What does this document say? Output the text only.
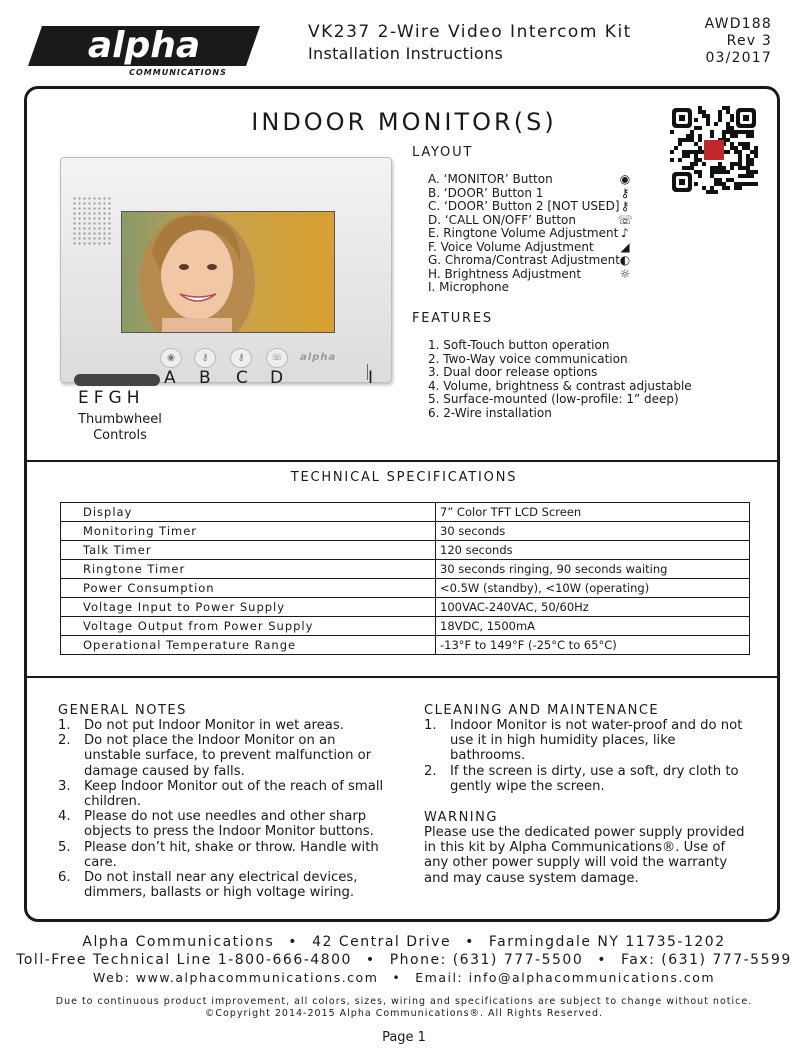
alpha
COMMUNICATIONS
VK237 2-Wire Video Intercom Kit
Installation Instructions
AWD188
Rev 3
03/2017
INDOOR MONITOR(S)
◉	⚷	⚷	☏ alpha
A B C D	I
EFGH
Thumbwheel
Controls
LAYOUT
A. ‘MONITOR’ Button
B. ‘DOOR’ Button 1
C. ‘DOOR’ Button 2 [NOT USED]
D. ‘CALL ON/OFF’ Button
E. Ringtone Volume Adjustment
F. Voice Volume Adjustment
G. Chroma/Contrast Adjustment
H. Brightness Adjustment
I. Microphone
◉
⚷
⚷
☏
♪
◢
◐
☼
FEATURES
1. Soft-Touch button operation
2. Two-Way voice communication
3. Dual door release options
4. Volume, brightness & contrast adjustable
5. Surface-mounted (low-profile: 1” deep)
6. 2-Wire installation
TECHNICAL SPECIFICATIONS
Display	7” Color TFT LCD Screen
Monitoring Timer	30 seconds
Talk Timer	120 seconds
Ringtone Timer	30 seconds ringing, 90 seconds waiting
Power Consumption	<0.5W (standby), <10W (operating)
Voltage Input to Power Supply	100VAC-240VAC, 50/60Hz
Voltage Output from Power Supply	18VDC, 1500mA
Operational Temperature Range	-13°F to 149°F (-25°C to 65°C)
GENERAL NOTES
1. Do not put Indoor Monitor in wet areas.
2. Do not place the Indoor Monitor on an unstable surface, to prevent malfunction or damage caused by falls.
3. Keep Indoor Monitor out of the reach of small children.
4. Please do not use needles and other sharp objects to press the Indoor Monitor buttons.
5. Please don’t hit, shake or throw. Handle with care.
6. Do not install near any electrical devices, dimmers, ballasts or high voltage wiring.
CLEANING AND MAINTENANCE
1. Indoor Monitor is not water-proof and do not use it in high humidity places, like bathrooms.
2. If the screen is dirty, use a soft, dry cloth to gently wipe the screen.
WARNING
Please use the dedicated power supply provided in this kit by Alpha Communications®. Use of any other power supply will void the warranty and may cause system damage.
Alpha Communications • 42 Central Drive • Farmingdale NY 11735-1202
Toll-Free Technical Line 1-800-666-4800 • Phone: (631) 777-5500 • Fax: (631) 777-5599
Web: www.alphacommunications.com • Email: info@alphacommunications.com
Due to continuous product improvement, all colors, sizes, wiring and specifications are subject to change without notice.
©Copyright 2014-2015 Alpha Communications®. All Rights Reserved.
Page 1
